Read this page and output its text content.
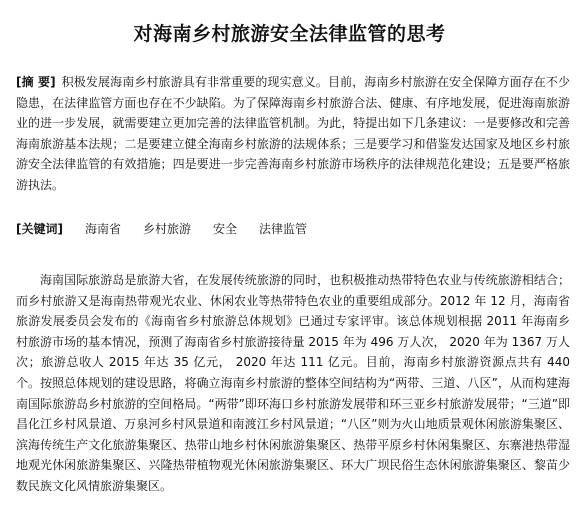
对海南乡村旅游安全法律监管的思考

[摘 要] 积极发展海南乡村旅游具有非常重要的现实意义。目前，海南乡村旅游在安全保障方面存在不少隐患，在法律监管方面也存在不少缺陷。为了保障海南乡村旅游合法、健康、有序地发展，促进海南旅游业的进一步发展，就需要建立更加完善的法律监管机制。为此，特提出如下几条建议：一是要修改和完善海南旅游基本法规；二是要建立健全海南乡村旅游的法规体系；三是要学习和借鉴发达国家及地区乡村旅游安全法律监管的有效措施；四是要进一步完善海南乡村旅游市场秩序的法律规范化建设；五是要严格旅游执法。

[关键词] 海南省 乡村旅游 安全 法律监管

海南国际旅游岛是旅游大省，在发展传统旅游的同时，也积极推动热带特色农业与传统旅游相结合；而乡村旅游又是海南热带观光农业、休闲农业等热带特色农业的重要组成部分。2012 年 12 月，海南省旅游发展委员会发布的《海南省乡村旅游总体规划》已通过专家评审。该总体规划根据 2011 年海南乡村旅游市场的基本情况，预测了海南省乡村旅游接待量 2015 年为 496 万人次， 2020 年为 1367 万人次；旅游总收人 2015 年达 35 亿元， 2020 年达 111 亿元。目前，海南乡村旅游资源点共有 440 个。按照总体规划的建设思路，将确立海南乡村旅游的整体空间结构为“两带、三道、八区”，从而构建海南国际旅游岛乡村旅游的空间格局。“两带”即环海口乡村旅游发展带和环三亚乡村旅游发展带；“三道”即昌化江乡村风景道、万泉河乡村风景道和南渡江乡村风景道；“八区”则为火山地质景观休闲旅游集聚区、滨海传统生产文化旅游集聚区、热带山地乡村休闲旅游集聚区、热带平原乡村休闲集聚区、东寨港热带湿地观光休闲旅游集聚区、兴隆热带植物观光休闲旅游集聚区、环大广坝民俗生态休闲旅游集聚区、黎苗少数民族文化风情旅游集聚区。
